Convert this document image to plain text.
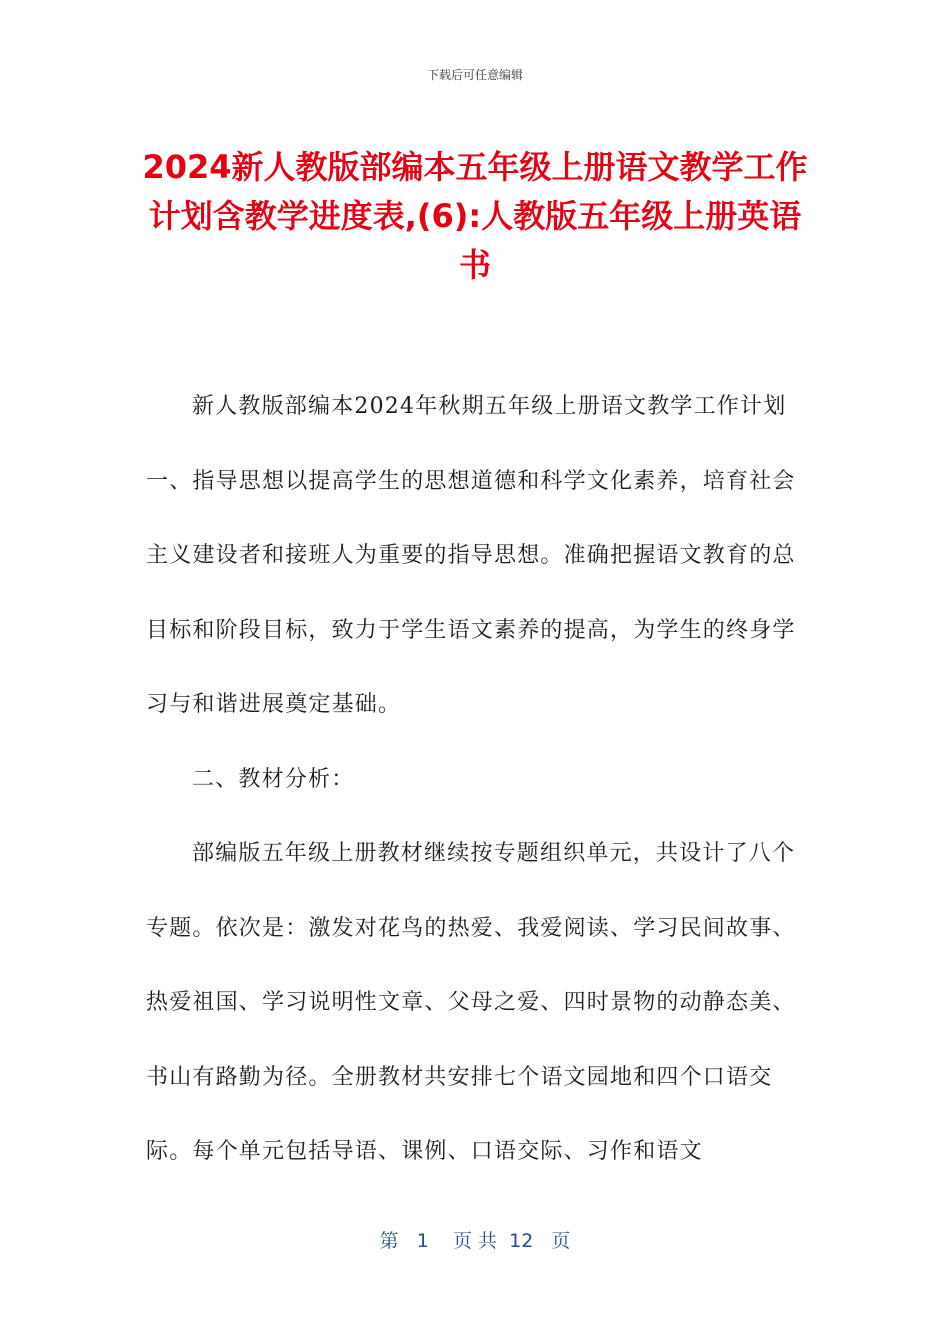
下载后可任意编辑
2024新人教版部编本五年级上册语文教学工作计划含教学进度表,(6):人教版五年级上册英语书

新人教版部编本2024年秋期五年级上册语文教学工作计划

一、指导思想以提高学生的思想道德和科学文化素养，培育社会主义建设者和接班人为重要的指导思想。准确把握语文教育的总目标和阶段目标，致力于学生语文素养的提高，为学生的终身学习与和谐进展奠定基础。

二、教材分析：

部编版五年级上册教材继续按专题组织单元，共设计了八个专题。依次是：激发对花鸟的热爱、我爱阅读、学习民间故事、热爱祖国、学习说明性文章、父母之爱、四时景物的动静态美、书山有路勤为径。全册教材共安排七个语文园地和四个口语交际。每个单元包括导语、课例、口语交际、习作和语文

第 1 页 共 12 页
